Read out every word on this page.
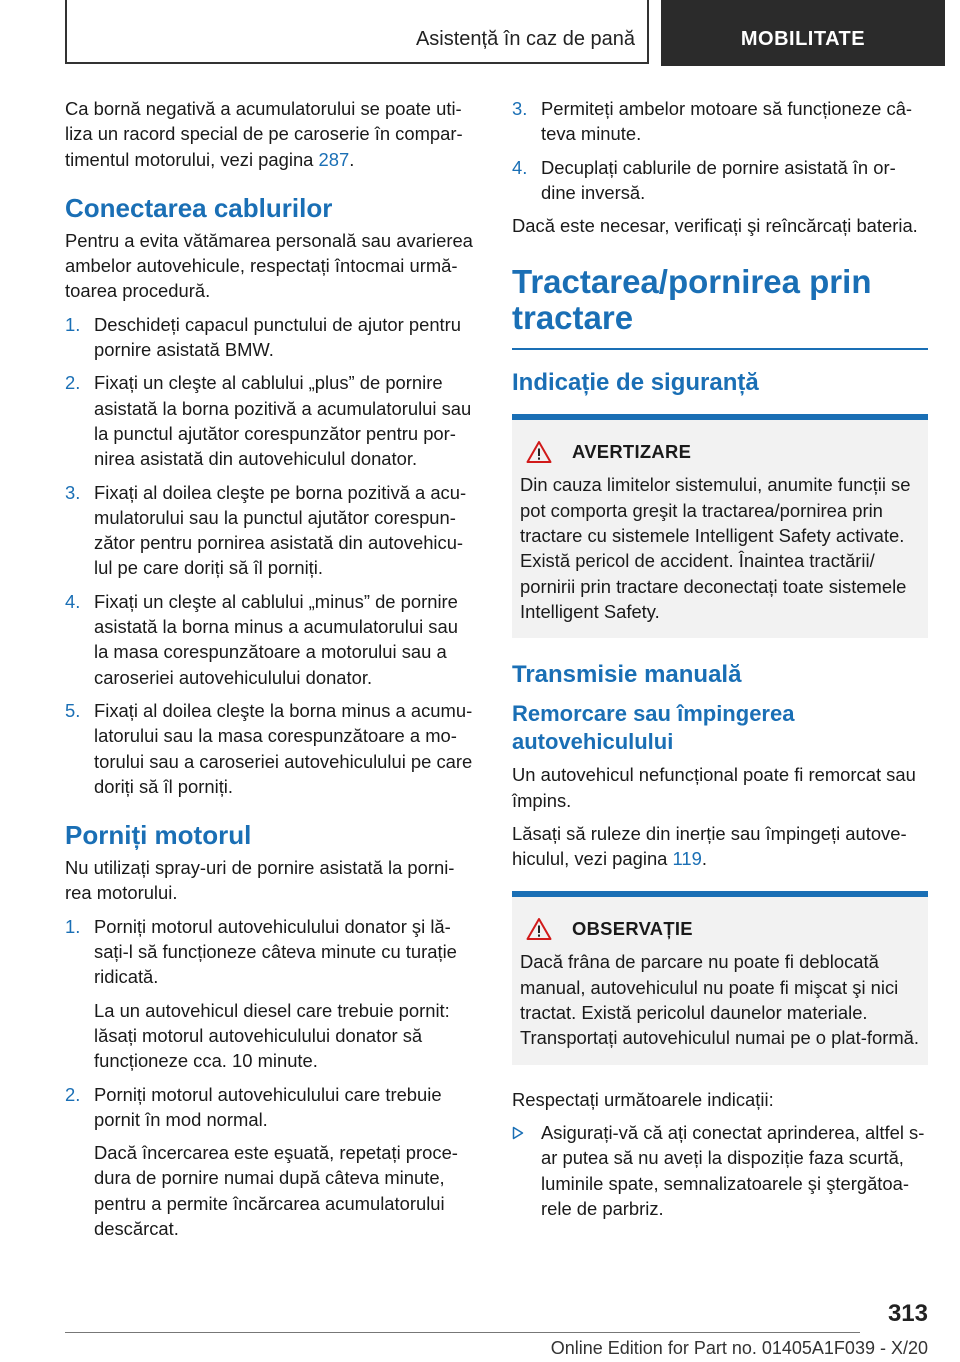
Asistență în caz de pană	MOBILITATE

Ca bornă negativă a acumulatorului se poate uti-liza un racord special de pe caroserie în compar-timentul motorului, vezi pagina 287.

Conectarea cablurilor

Pentru a evita vătămarea personală sau avarierea ambelor autovehicule, respectați întocmai urmă-toarea procedură.

1. Deschideți capacul punctului de ajutor pentru pornire asistată BMW.
2. Fixați un cleşte al cablului „plus” de pornire asistată la borna pozitivă a acumulatorului sau la punctul ajutător corespunzător pentru por-nirea asistată din autovehiculul donator.
3. Fixați al doilea cleşte pe borna pozitivă a acu-mulatorului sau la punctul ajutător corespun-zător pentru pornirea asistată din autovehicu-lul pe care doriți să îl porniți.
4. Fixați un cleşte al cablului „minus” de pornire asistată la borna minus a acumulatorului sau la masa corespunzătoare a motorului sau a caroseriei autovehiculului donator.
5. Fixați al doilea cleşte la borna minus a acumu-latorului sau la masa corespunzătoare a mo-torului sau a caroseriei autovehiculului pe care doriți să îl porniți.
Porniți motorul

Nu utilizați spray-uri de pornire asistată la porni-rea motorului.

1. Porniți motorul autovehiculului donator şi lă-sați-l să funcționeze câteva minute cu turație ridicată.
La un autovehicul diesel care trebuie pornit: lăsați motorul autovehiculului donator să funcționeze cca. 10 minute.
2. Porniți motorul autovehiculului care trebuie pornit în mod normal.
Dacă încercarea este eşuată, repetați proce-dura de pornire numai după câteva minute, pentru a permite încărcarea acumulatorului descărcat.
3. Permiteți ambelor motoare să funcționeze câ-teva minute.
4. Decuplați cablurile de pornire asistată în or-dine inversă.

Dacă este necesar, verificați şi reîncărcați bateria.

Tractarea/pornirea prin tractare
Indicație de siguranță
AVERTIZARE

Din cauza limitelor sistemului, anumite funcții se pot comporta greşit la tractarea/pornirea prin tractare cu sistemele Intelligent Safety activate. Există pericol de accident. Înaintea tractării/ pornirii prin tractare deconectați toate sistemele Intelligent Safety.

Transmisie manuală
Remorcare sau împingerea autovehiculului

Un autovehicul nefuncțional poate fi remorcat sau împins.

Lăsați să ruleze din inerție sau împingeți autove-hiculul, vezi pagina 119.

OBSERVAȚIE

Dacă frâna de parcare nu poate fi deblocată manual, autovehiculul nu poate fi mişcat şi nici tractat. Există pericolul daunelor materiale. Transportați autovehiculul numai pe o plat-formă.

Respectați următoarele indicații:

Asigurați-vă că ați conectat aprinderea, altfel s-ar putea să nu aveți la dispoziție faza scurtă, luminile spate, semnalizatoarele şi ştergătoa-rele de parbriz.
313
Online Edition for Part no. 01405A1F039 - X/20
